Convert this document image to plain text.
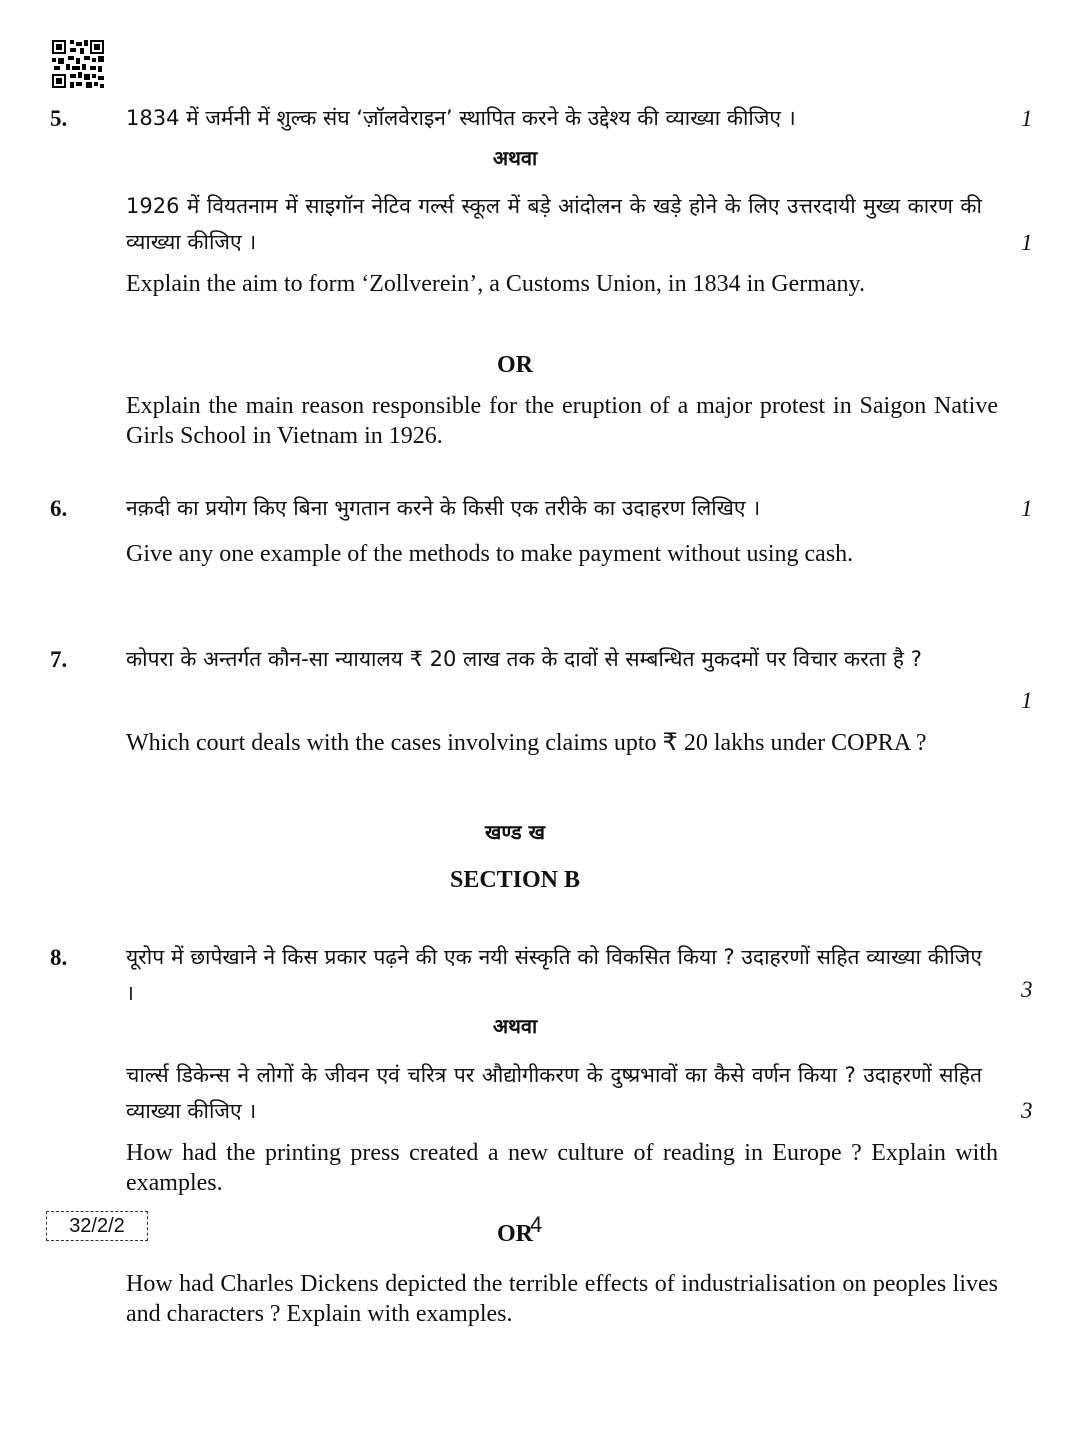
5.	1834 में जर्मनी में शुल्क संघ ‘ज़ॉलवेराइन’ स्थापित करने के उद्देश्य की व्याख्या कीजिए ।	1
अथवा
1926 में वियतनाम में साइगॉन नेटिव गर्ल्स स्कूल में बड़े आंदोलन के खड़े होने के लिए उत्तरदायी मुख्य कारण की व्याख्या कीजिए ।	1
Explain the aim to form ‘Zollverein’, a Customs Union, in 1834 in Germany.
OR
Explain the main reason responsible for the eruption of a major protest in Saigon Native Girls School in Vietnam in 1926.
6.	नक़दी का प्रयोग किए बिना भुगतान करने के किसी एक तरीके का उदाहरण लिखिए ।	1
Give any one example of the methods to make payment without using cash.
7.	कोपरा के अन्तर्गत कौन-सा न्यायालय ₹ 20 लाख तक के दावों से सम्बन्धित मुकदमों पर विचार करता है ?
1
Which court deals with the cases involving claims upto ₹ 20 lakhs under COPRA ?
खण्ड ख
SECTION B
8.	यूरोप में छापेखाने ने किस प्रकार पढ़ने की एक नयी संस्कृति को विकसित किया ? उदाहरणों सहित व्याख्या कीजिए ।	3
अथवा
चार्ल्स डिकेन्स ने लोगों के जीवन एवं चरित्र पर औद्योगीकरण के दुष्प्रभावों का कैसे वर्णन किया ? उदाहरणों सहित व्याख्या कीजिए ।	3
How had the printing press created a new culture of reading in Europe ? Explain with examples.
OR
How had Charles Dickens depicted the terrible effects of industrialisation on peoples lives and characters ? Explain with examples.
32/2/2	4
